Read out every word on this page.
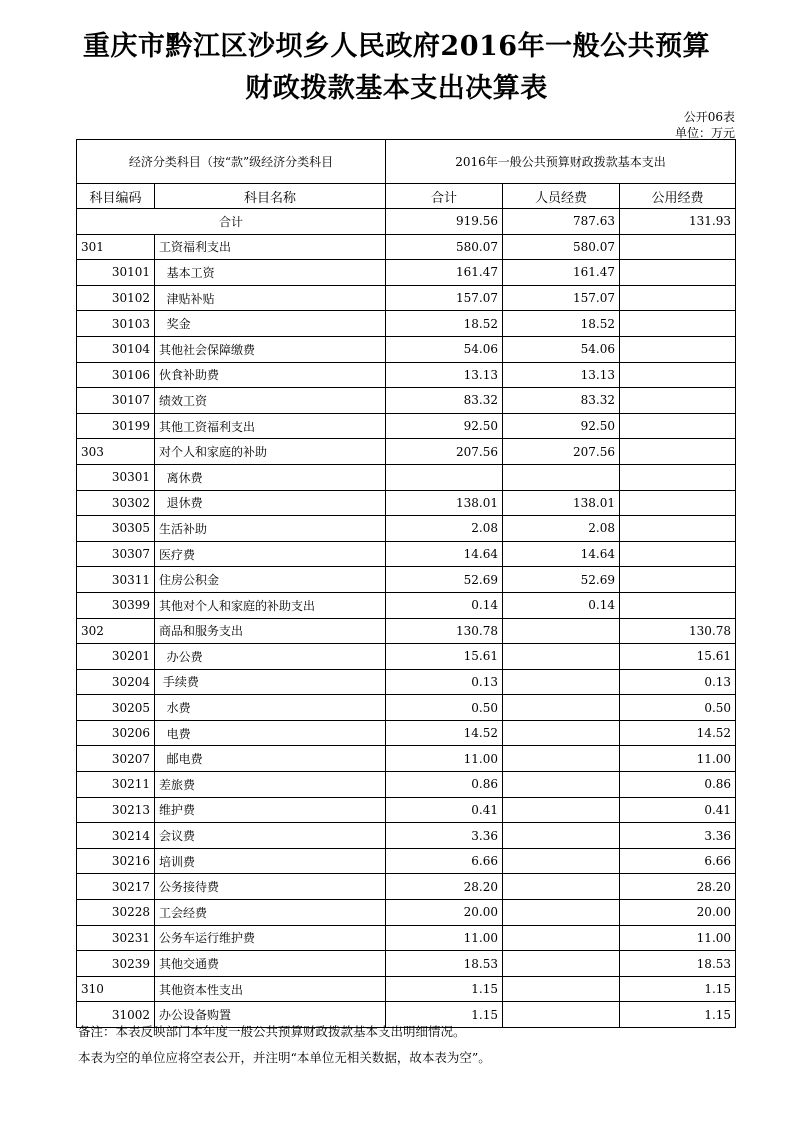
重庆市黔江区沙坝乡人民政府2016年一般公共预算
财政拨款基本支出决算表
公开06表
单位：万元
经济分类科目（按“款”级经济分类科目		2016年一般公共预算财政拨款基本支出		
科目编码	科目名称	合计	人员经费	公用经费
合计		919.56	787.63	131.93
301	工资福利支出	580.07	580.07	
30101	基本工资	161.47	161.47	
30102	津贴补贴	157.07	157.07	
30103	奖金	18.52	18.52	
30104	其他社会保障缴费	54.06	54.06	
30106	伙食补助费	13.13	13.13	
30107	绩效工资	83.32	83.32	
30199	其他工资福利支出	92.50	92.50	
303	对个人和家庭的补助	207.56	207.56	
30301	离休费			
30302	退休费	138.01	138.01	
30305	生活补助	2.08	2.08	
30307	医疗费	14.64	14.64	
30311	住房公积金	52.69	52.69	
30399	其他对个人和家庭的补助支出	0.14	0.14	
302	商品和服务支出	130.78		130.78
30201	办公费	15.61		15.61
30204	手续费	0.13		0.13
30205	水费	0.50		0.50
30206	电费	14.52		14.52
30207	邮电费	11.00		11.00
30211	差旅费	0.86		0.86
30213	维护费	0.41		0.41
30214	会议费	3.36		3.36
30216	培训费	6.66		6.66
30217	公务接待费	28.20		28.20
30228	工会经费	20.00		20.00
30231	公务车运行维护费	11.00		11.00
30239	其他交通费	18.53		18.53
310	其他资本性支出	1.15		1.15
31002	办公设备购置	1.15		1.15
备注：本表反映部门本年度一般公共预算财政拨款基本支出明细情况。
本表为空的单位应将空表公开，并注明“本单位无相关数据，故本表为空”。
